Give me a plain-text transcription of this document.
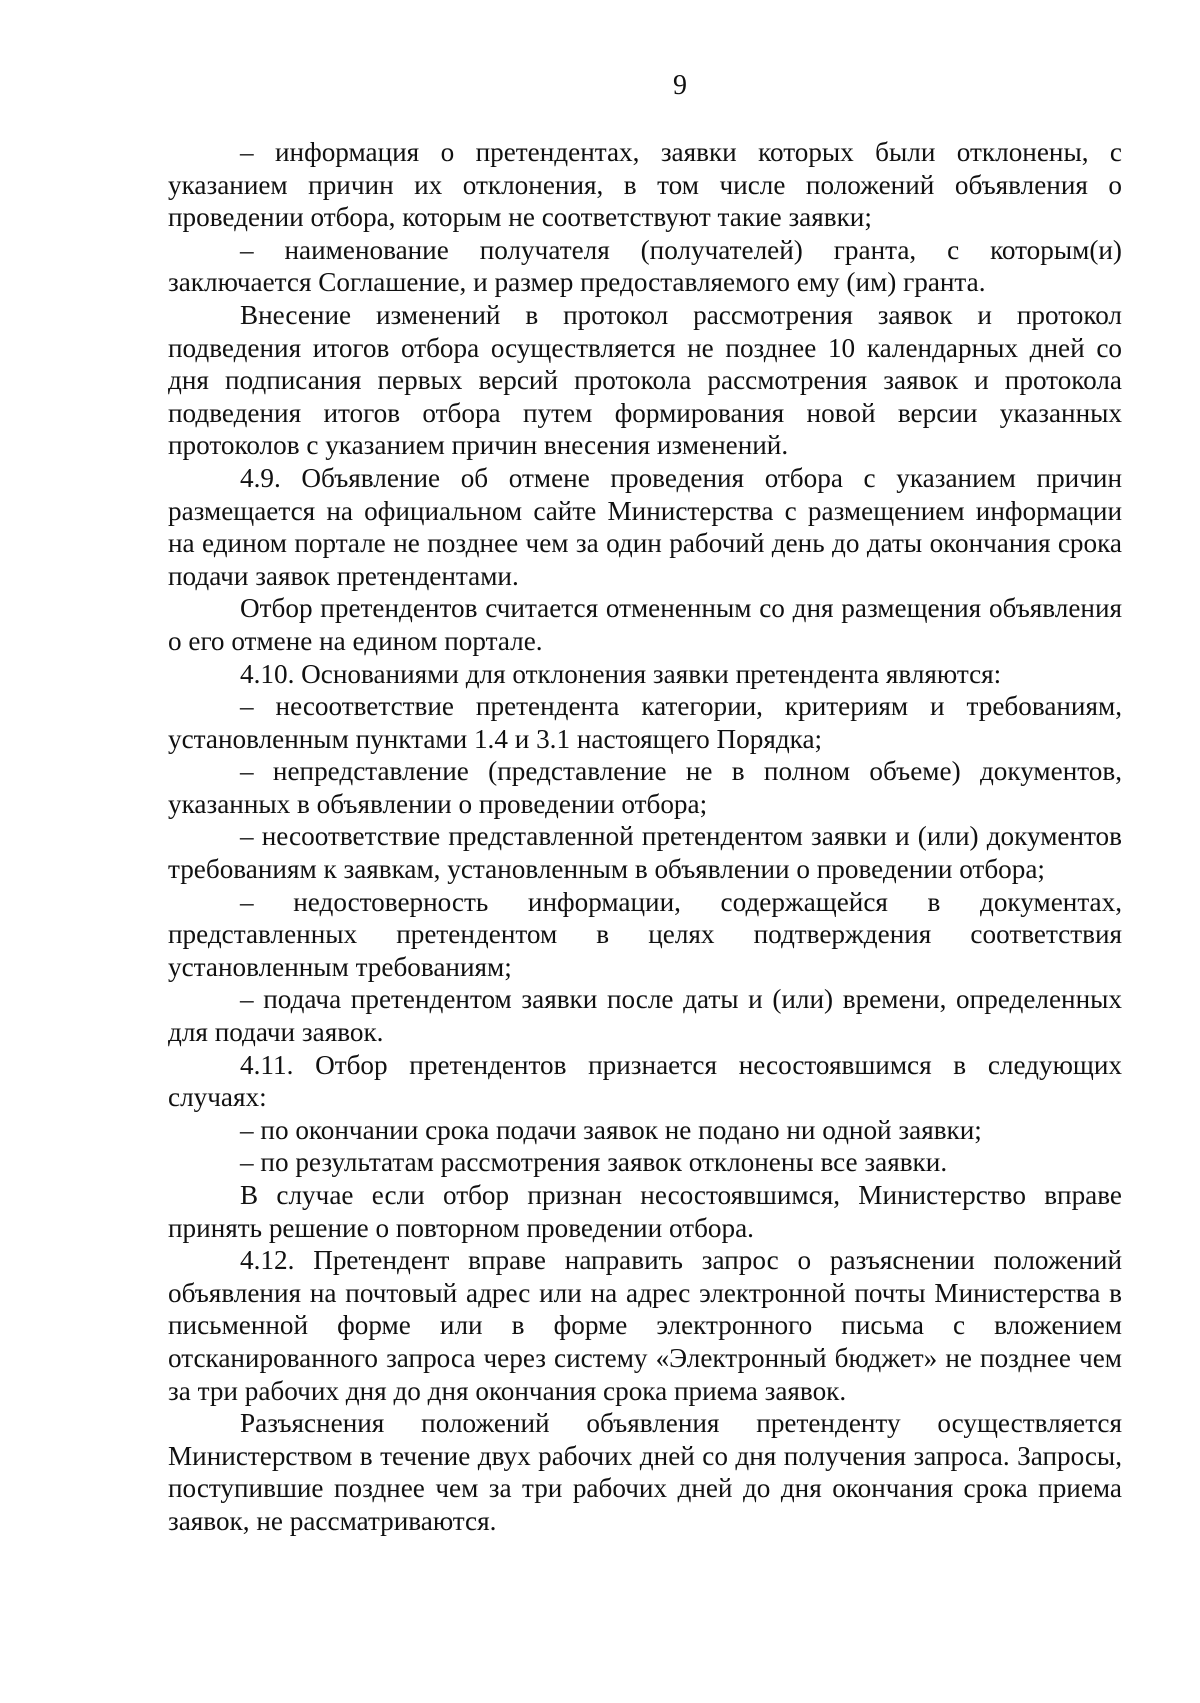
9
– информация о претендентах, заявки которых были отклонены, с указанием причин их отклонения, в том числе положений объявления о проведении отбора, которым не соответствуют такие заявки;
– наименование получателя (получателей) гранта, с которым(и) заключается Соглашение, и размер предоставляемого ему (им) гранта.

Внесение изменений в протокол рассмотрения заявок и протокол подведения итогов отбора осуществляется не позднее 10 календарных дней со дня подписания первых версий протокола рассмотрения заявок и протокола подведения итогов отбора путем формирования новой версии указанных протоколов с указанием причин внесения изменений.

4.9. Объявление об отмене проведения отбора с указанием причин размещается на официальном сайте Министерства с размещением информации на едином портале не позднее чем за один рабочий день до даты окончания срока подачи заявок претендентами.

Отбор претендентов считается отмененным со дня размещения объявления о его отмене на едином портале.

4.10. Основаниями для отклонения заявки претендента являются:

– несоответствие претендента категории, критериям и требованиям, установленным пунктами 1.4 и 3.1 настоящего Порядка;
– непредставление (представление не в полном объеме) документов, указанных в объявлении о проведении отбора;
– несоответствие представленной претендентом заявки и (или) документов требованиям к заявкам, установленным в объявлении о проведении отбора;
– недостоверность информации, содержащейся в документах, представленных претендентом в целях подтверждения соответствия установленным требованиям;
– подача претендентом заявки после даты и (или) времени, определенных для подачи заявок.

4.11. Отбор претендентов признается несостоявшимся в следующих случаях:

– по окончании срока подачи заявок не подано ни одной заявки;
– по результатам рассмотрения заявок отклонены все заявки.

В случае если отбор признан несостоявшимся, Министерство вправе принять решение о повторном проведении отбора.

4.12. Претендент вправе направить запрос о разъяснении положений объявления на почтовый адрес или на адрес электронной почты Министерства в письменной форме или в форме электронного письма с вложением отсканированного запроса через систему «Электронный бюджет» не позднее чем за три рабочих дня до дня окончания срока приема заявок.

Разъяснения положений объявления претенденту осуществляется Министерством в течение двух рабочих дней со дня получения запроса. Запросы, поступившие позднее чем за три рабочих дней до дня окончания срока приема заявок, не рассматриваются.
